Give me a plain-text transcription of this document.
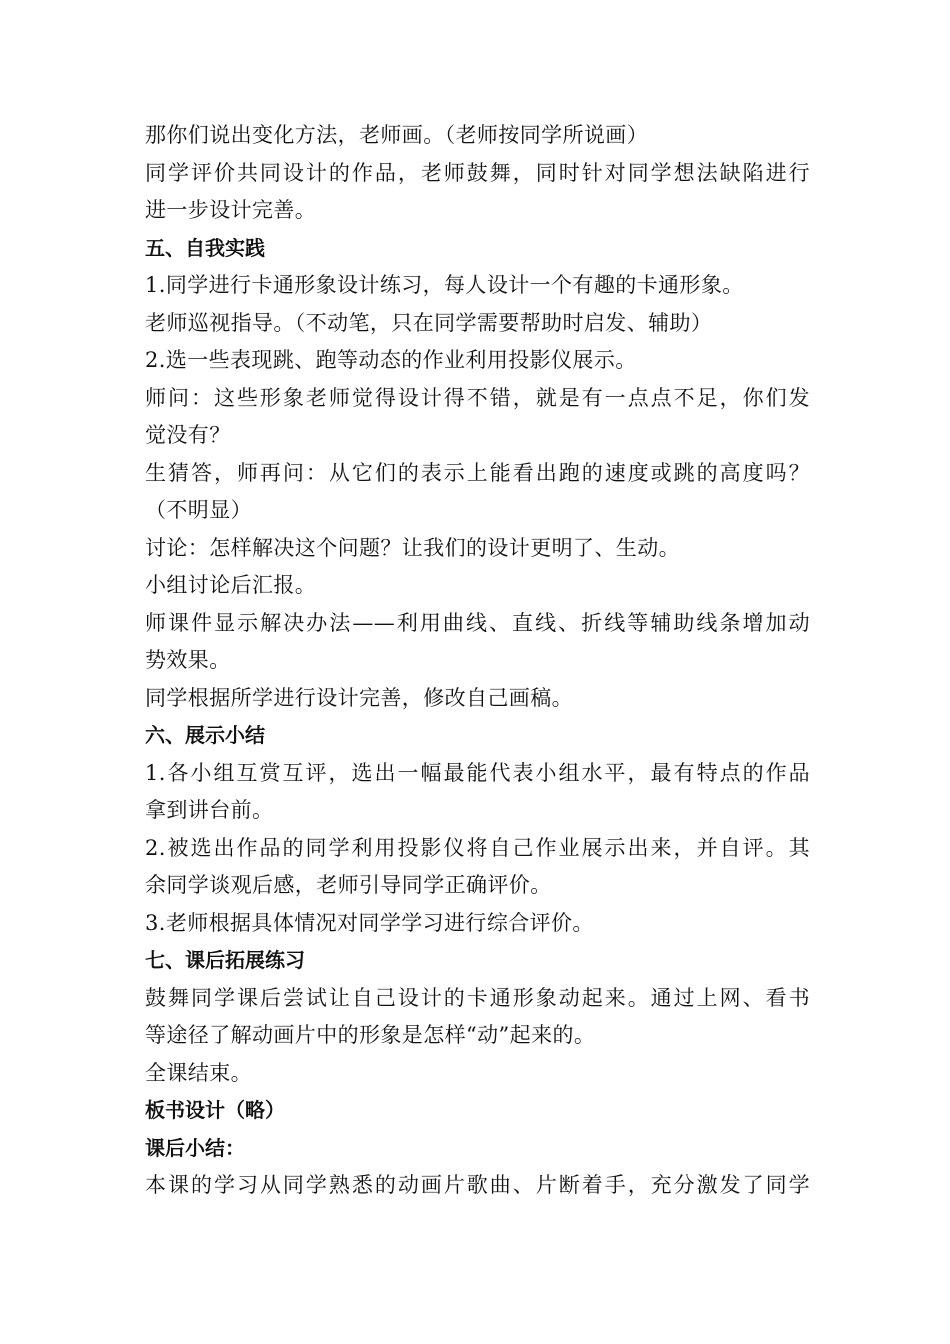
那你们说出变化方法，老师画。（老师按同学所说画）
同学评价共同设计的作品，老师鼓舞，同时针对同学想法缺陷进行
进一步设计完善。
五、自我实践
1.同学进行卡通形象设计练习，每人设计一个有趣的卡通形象。
老师巡视指导。（不动笔，只在同学需要帮助时启发、辅助）
2.选一些表现跳、跑等动态的作业利用投影仪展示。
师问：这些形象老师觉得设计得不错，就是有一点点不足，你们发
觉没有？
生猜答，师再问：从它们的表示上能看出跑的速度或跳的高度吗？
（不明显）
讨论：怎样解决这个问题？让我们的设计更明了、生动。
小组讨论后汇报。
师课件显示解决办法——利用曲线、直线、折线等辅助线条增加动
势效果。
同学根据所学进行设计完善，修改自己画稿。
六、展示小结
1.各小组互赏互评，选出一幅最能代表小组水平，最有特点的作品
拿到讲台前。
2.被选出作品的同学利用投影仪将自己作业展示出来，并自评。其
余同学谈观后感，老师引导同学正确评价。
3.老师根据具体情况对同学学习进行综合评价。
七、课后拓展练习
鼓舞同学课后尝试让自己设计的卡通形象动起来。通过上网、看书
等途径了解动画片中的形象是怎样“动”起来的。
全课结束。
板书设计（略）
课后小结：
本课的学习从同学熟悉的动画片歌曲、片断着手，充分激发了同学
